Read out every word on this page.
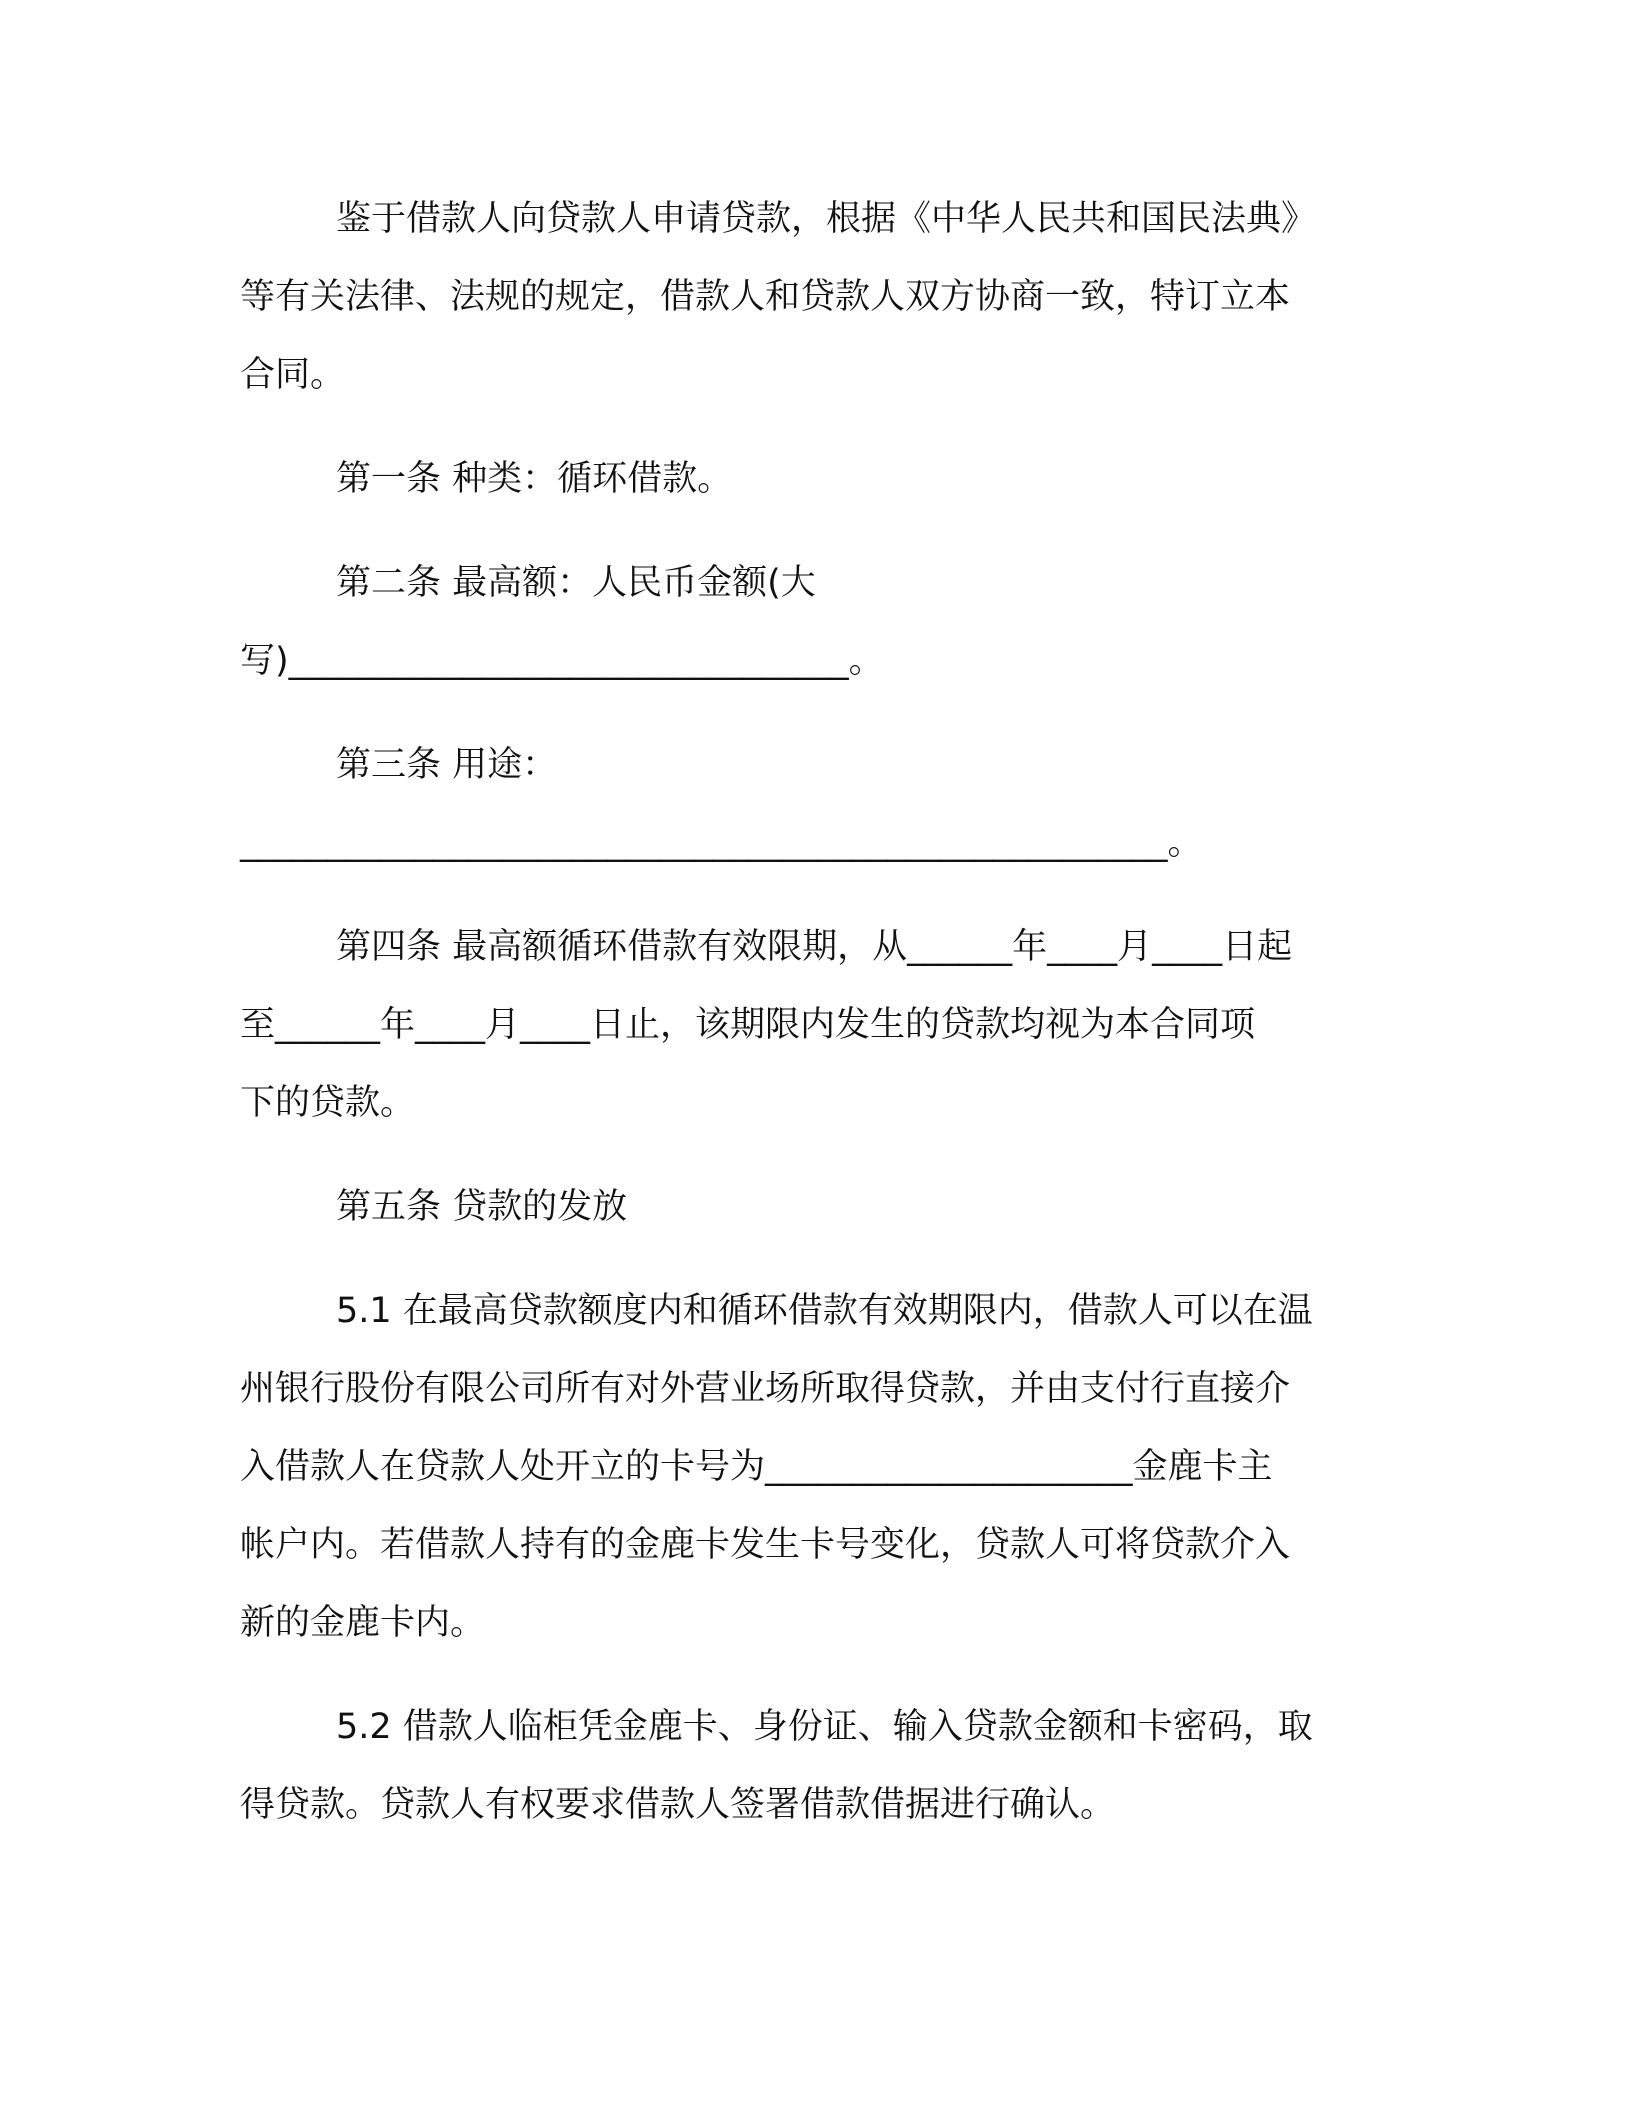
鉴于借款人向贷款人申请贷款，根据《中华人民共和国民法典》
等有关法律、法规的规定，借款人和贷款人双方协商一致，特订立本
合同。

第一条 种类：循环借款。

第二条 最高额：人民币金额(大
写)________________________________。

第三条 用途：
_____________________________________________________。

第四条 最高额循环借款有效限期，从______年____月____日起
至______年____月____日止，该期限内发生的贷款均视为本合同项
下的贷款。

第五条 贷款的发放

5.1 在最高贷款额度内和循环借款有效期限内，借款人可以在温
州银行股份有限公司所有对外营业场所取得贷款，并由支付行直接介
入借款人在贷款人处开立的卡号为_____________________金鹿卡主
帐户内。若借款人持有的金鹿卡发生卡号变化，贷款人可将贷款介入
新的金鹿卡内。

5.2 借款人临柜凭金鹿卡、身份证、输入贷款金额和卡密码，取
得贷款。贷款人有权要求借款人签署借款借据进行确认。
